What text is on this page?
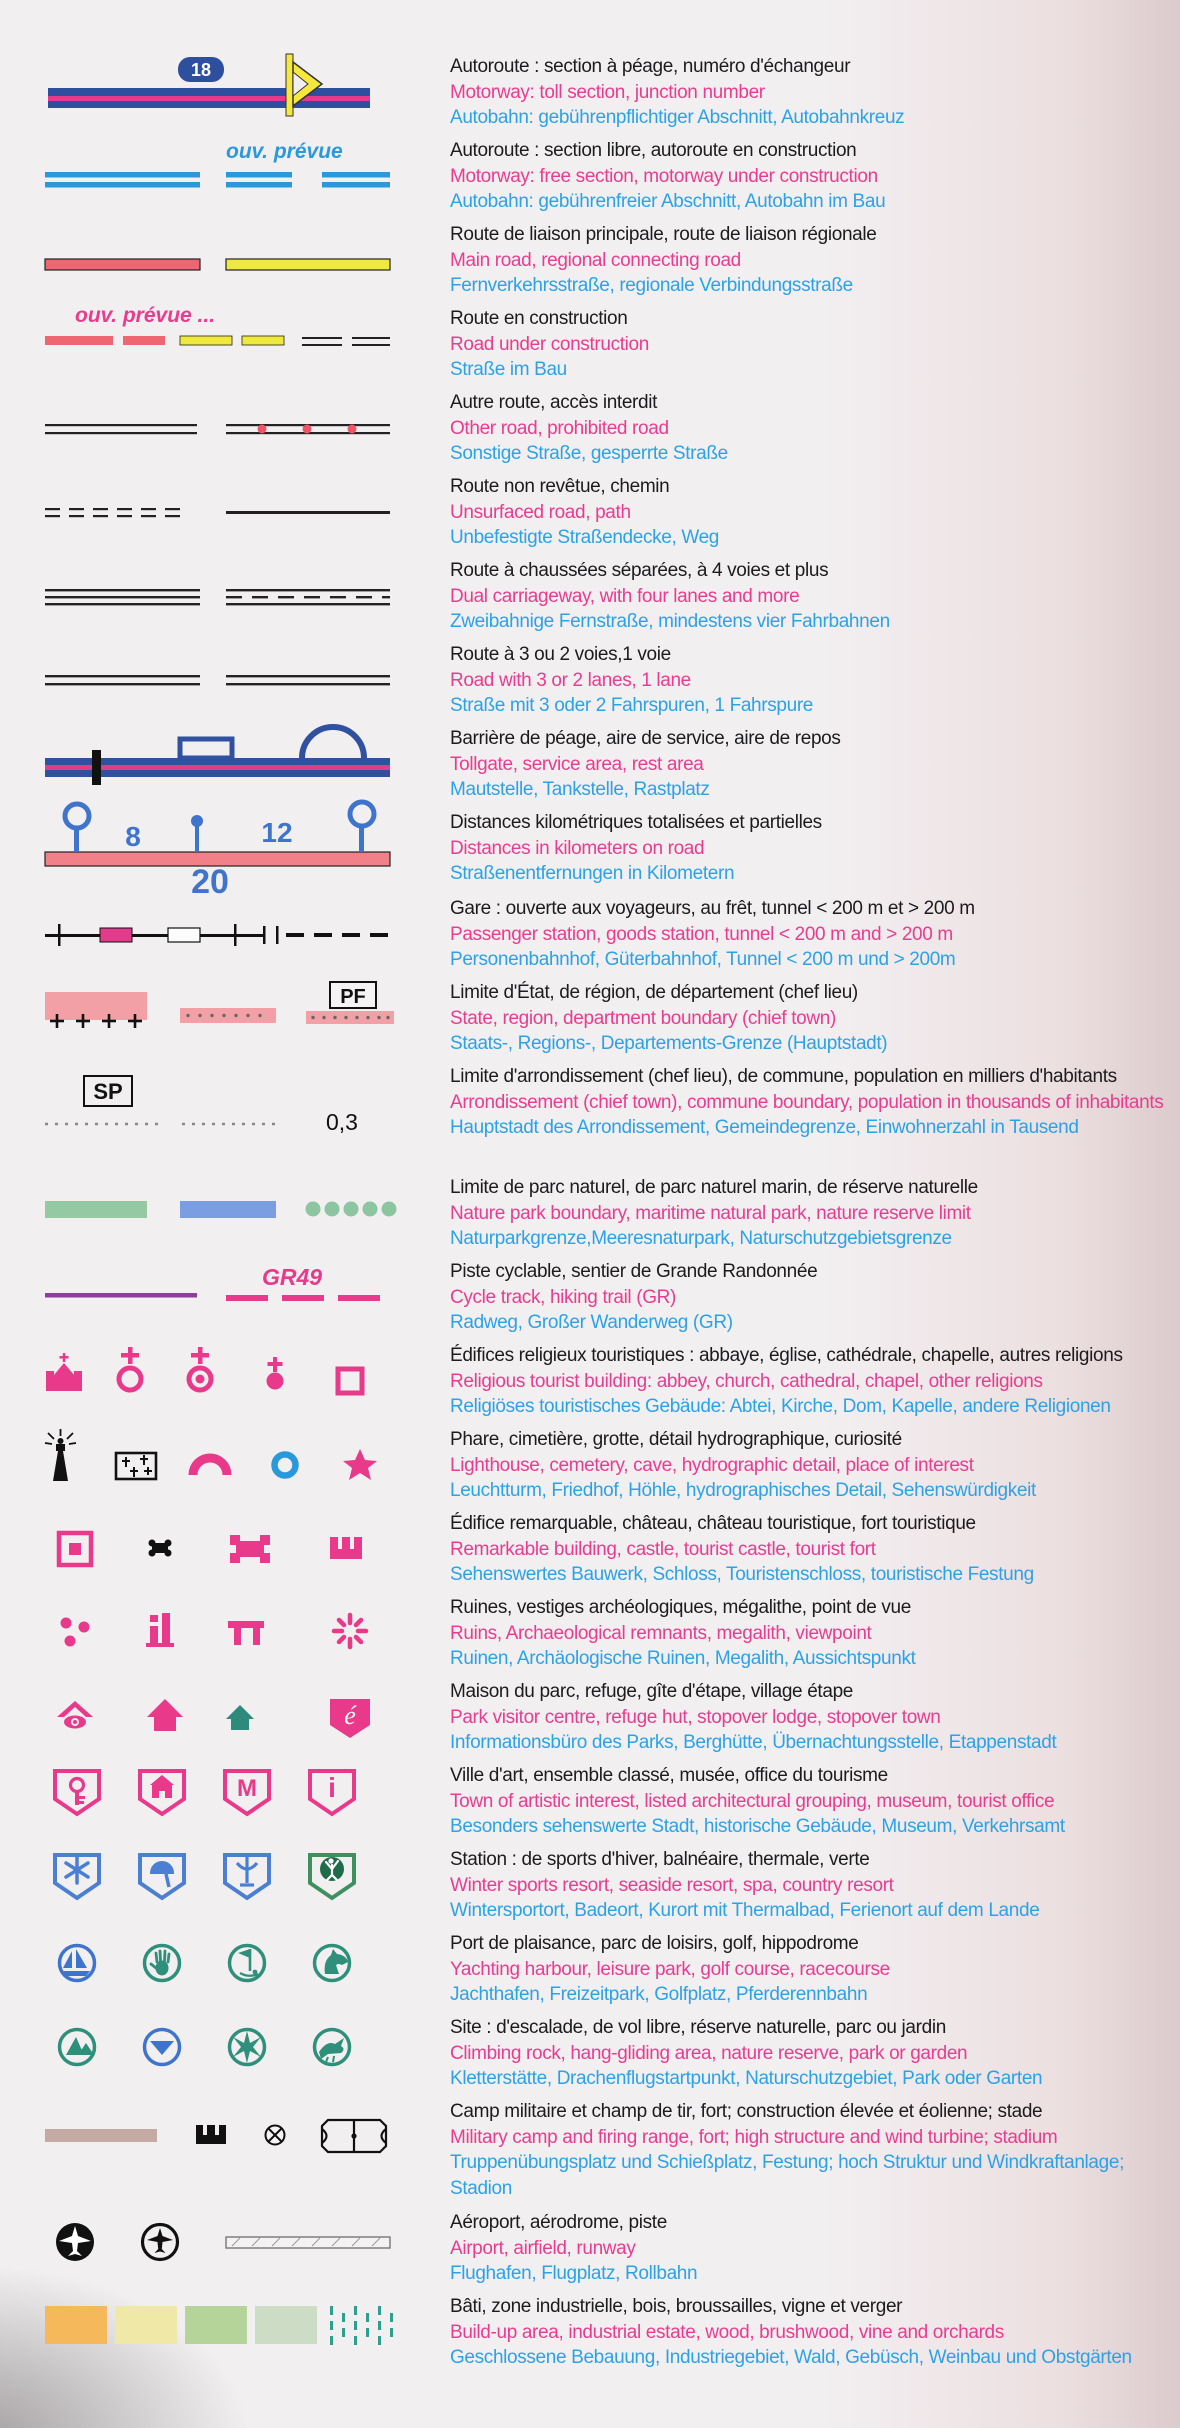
18	Autoroute : section à péage, numéro d'échangeur
Motorway: toll section, junction number
Autobahn: gebührenpflichtiger Abschnitt, Autobahnkreuz
ouv. prévue	Autoroute : section libre, autoroute en construction
Motorway: free section, motorway under construction
Autobahn: gebührenfreier Abschnitt, Autobahn im Bau
Route de liaison principale, route de liaison régionale
Main road, regional connecting road
Fernverkehrsstraße, regionale Verbindungsstraße
ouv. prévue ...	Route en construction
Road under construction
Straße im Bau
Autre route, accès interdit
Other road, prohibited road
Sonstige Straße, gesperrte Straße
Route non revêtue, chemin
Unsurfaced road, path
Unbefestigte Straßendecke, Weg
Route à chaussées séparées, à 4 voies et plus
Dual carriageway, with four lanes and more
Zweibahnige Fernstraße, mindestens vier Fahrbahnen
Route à 3 ou 2 voies,1 voie
Road with 3 or 2 lanes, 1 lane
Straße mit 3 oder 2 Fahrspuren, 1 Fahrspure
Barrière de péage, aire de service, aire de repos
Tollgate, service area, rest area
Mautstelle, Tankstelle, Rastplatz
8	12
20
Distances kilométriques totalisées et partielles
Distances in kilometers on road
Straßenentfernungen in Kilometern
Gare : ouverte aux voyageurs, au frêt, tunnel < 200 m et > 200 m
Passenger station, goods station, tunnel < 200 m and > 200 m
Personenbahnhof, Güterbahnhof, Tunnel < 200 m und > 200m
PF	Limite d'État, de région, de département (chef lieu)
State, region, department boundary (chief town)
Staats-, Regions-, Departements-Grenze (Hauptstadt)
SP
0,3
Limite d'arrondissement (chef lieu), de commune, population en milliers d'habitants
Arrondissement (chief town), commune boundary, population in thousands of inhabitants
Hauptstadt des Arrondissement, Gemeindegrenze, Einwohnerzahl in Tausend
Limite de parc naturel, de parc naturel marin, de réserve naturelle
Nature park boundary, maritime natural park, nature reserve limit
Naturparkgrenze,Meeresnaturpark, Naturschutzgebietsgrenze
GR49	Piste cyclable, sentier de Grande Randonnée
Cycle track, hiking trail (GR)
Radweg, Großer Wanderweg (GR)
Édifices religieux touristiques : abbaye, église, cathédrale, chapelle, autres religions
Religious tourist building: abbey, church, cathedral, chapel, other religions
Religiöses touristisches Gebäude: Abtei, Kirche, Dom, Kapelle, andere Religionen
Phare, cimetière, grotte, détail hydrographique, curiosité
Lighthouse, cemetery, cave, hydrographic detail, place of interest
Leuchtturm, Friedhof, Höhle, hydrographisches Detail, Sehenswürdigkeit
Édifice remarquable, château, château touristique, fort touristique
Remarkable building, castle, tourist castle, tourist fort
Sehenswertes Bauwerk, Schloss, Touristenschloss, touristische Festung
Ruines, vestiges archéologiques, mégalithe, point de vue
Ruins, Archaeological remnants, megalith, viewpoint
Ruinen, Archäologische Ruinen, Megalith, Aussichtspunkt
é
Maison du parc, refuge, gîte d'étape, village étape
Park visitor centre, refuge hut, stopover lodge, stopover town
Informationsbüro des Parks, Berghütte, Übernachtungsstelle, Etappenstadt
M	i	Ville d'art, ensemble classé, musée, office du tourisme
Town of artistic interest, listed architectural grouping, museum, tourist office
Besonders sehenswerte Stadt, historische Gebäude, Museum, Verkehrsamt
Station : de sports d'hiver, balnéaire, thermale, verte
Winter sports resort, seaside resort, spa, country resort
Wintersportort, Badeort, Kurort mit Thermalbad, Ferienort auf dem Lande
Port de plaisance, parc de loisirs, golf, hippodrome
Yachting harbour, leisure park, golf course, racecourse
Jachthafen, Freizeitpark, Golfplatz, Pferderennbahn
Site : d'escalade, de vol libre, réserve naturelle, parc ou jardin
Climbing rock, hang-gliding area, nature reserve, park or garden
Kletterstätte, Drachenflugstartpunkt, Naturschutzgebiet, Park oder Garten
Camp militaire et champ de tir, fort; construction élevée et éolienne; stade
Military camp and firing range, fort; high structure and wind turbine; stadium
Truppenübungsplatz und Schießplatz, Festung; hoch Struktur und Windkraftanlage; Stadion
Aéroport, aérodrome, piste
Airport, airfield, runway
Flughafen, Flugplatz, Rollbahn
Bâti, zone industrielle, bois, broussailles, vigne et verger
Build-up area, industrial estate, wood, brushwood, vine and orchards
Geschlossene Bebauung, Industriegebiet, Wald, Gebüsch, Weinbau und Obstgärten
